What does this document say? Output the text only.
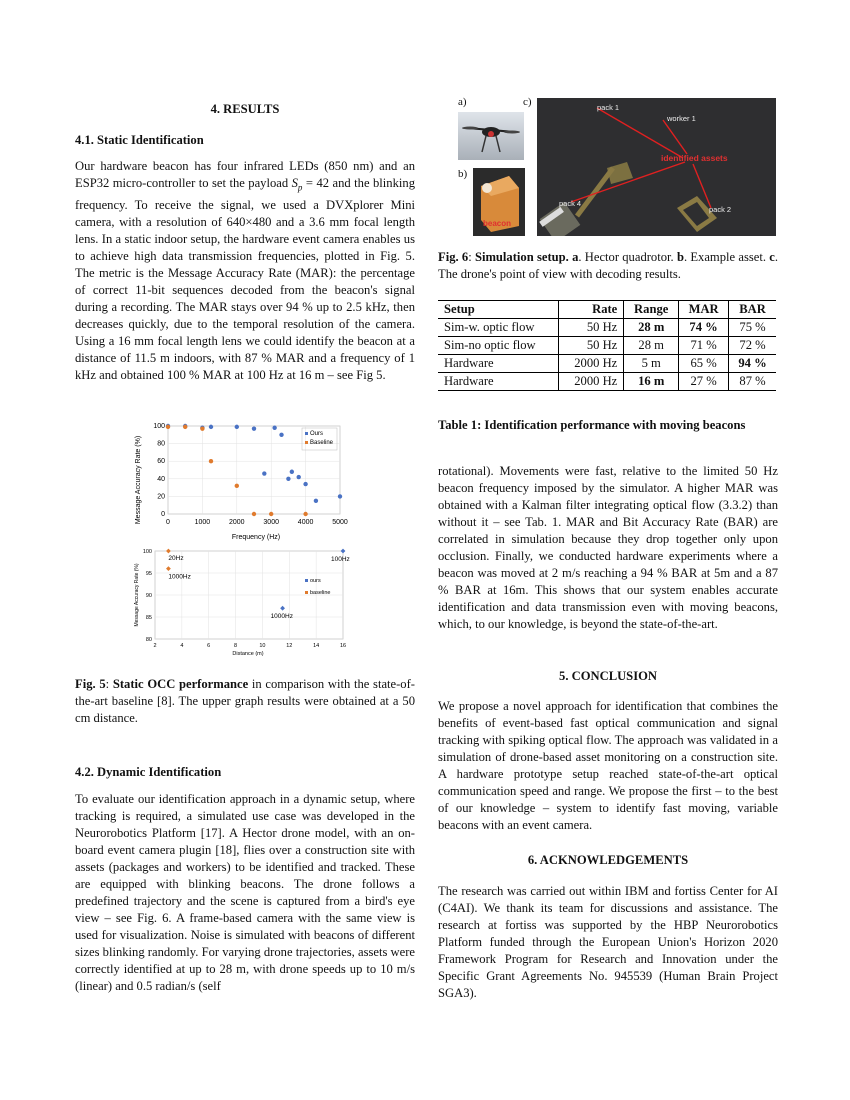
4. RESULTS
4.1. Static Identification

Our hardware beacon has four infrared LEDs (850 nm) and an ESP32 micro-controller to set the payload $S_p = 42$ and the blinking frequency. To receive the signal, we used a DVXplorer Mini camera, with a resolution of 640×480 and a 3.6 mm focal length lens. In a static indoor setup, the hardware event camera enables us to achieve high data transmission frequencies, plotted in Fig. 5. The metric is the Message Accuracy Rate (MAR): the percentage of correct 11-bit sequences decoded from the beacon's signal during a recording. The MAR stays over 94 % up to 2.5 kHz, then decreases quickly, due to the temporal resolution of the camera. Using a 16 mm focal length lens we could identify the beacon at a distance of 11.5 m indoors, with 87 % MAR and a frequency of 1 kHz and obtained 100 % MAR at 100 Hz at 16 m – see Fig 5.

Message Accuracy Rate (%)
Frequency (Hz)
0	1000	2000	3000	4000	5000
0
20
40
60
80
100
Ours
Baseline
Message Accuracy Rate (%)
Distance (m)
2	4	6	8	10	12	14	16
80
85
90
95
100
1000Hz
100Hz
20Hz
1000Hz
ours
baseline
Fig. 5: Static OCC performance in comparison with the state-of-the-art baseline [8]. The upper graph results were obtained at a 50 cm distance.
4.2. Dynamic Identification

To evaluate our identification approach in a dynamic setup, where tracking is required, a simulated use case was developed in the Neurorobotics Platform [17]. A Hector drone model, with an on-board event camera plugin [18], flies over a construction site with assets (packages and workers) to be identified and tracked. These are equipped with blinking beacons. The drone follows a predefined trajectory and the scene is captured from a bird's eye view – see Fig. 6. A frame-based camera with the same view is used for visualization. Noise is simulated with beacons of different sizes blinking randomly. For varying drone trajectories, assets were correctly identified at up to 28 m, with drone speeds up to 10 m/s (linear) and 0.5 radian/s (self

a)	c)
b)
beacon
pack 1
worker 1
identified assets
pack 4
pack 2
Fig. 6: Simulation setup. a. Hector quadrotor. b. Example asset. c. The drone's point of view with decoding results.
Setup	Rate	Range	MAR	BAR
Sim-w. optic flow	50 Hz	28 m	74 %	75 %
Sim-no optic flow	50 Hz	28 m	71 %	72 %
Hardware	2000 Hz	5 m	65 %	94 %
Hardware	2000 Hz	16 m	27 %	87 %
Table 1: Identification performance with moving beacons

rotational). Movements were fast, relative to the limited 50 Hz beacon frequency imposed by the simulator. A higher MAR was obtained with a Kalman filter integrating optical flow (3.3.2) than without it – see Tab. 1. MAR and Bit Accuracy Rate (BAR) are correlated in simulation because they drop together only upon occlusion. Finally, we conducted hardware experiments where a beacon was moved at 2 m/s reaching a 94 % BAR at 5m and a 87 % BAR at 16m. This shows that our system enables accurate identification and data transmission even with moving beacons, which, to our knowledge, is beyond the state-of-the-art.

5. CONCLUSION

We propose a novel approach for identification that combines the benefits of event-based fast optical communication and signal tracking with spiking optical flow. The approach was validated in a simulation of drone-based asset monitoring on a construction site. A hardware prototype setup reached state-of-the-art optical communication speed and range. We propose the first – to the best of our knowledge – system to identify fast moving, variable beacons with an event camera.

6. ACKNOWLEDGEMENTS

The research was carried out within IBM and fortiss Center for AI (C4AI). We thank its team for discussions and assistance. The research at fortiss was supported by the HBP Neurorobotics Platform funded through the European Union's Horizon 2020 Framework Program for Research and Innovation under the Specific Grant Agreements No. 945539 (Human Brain Project SGA3).
